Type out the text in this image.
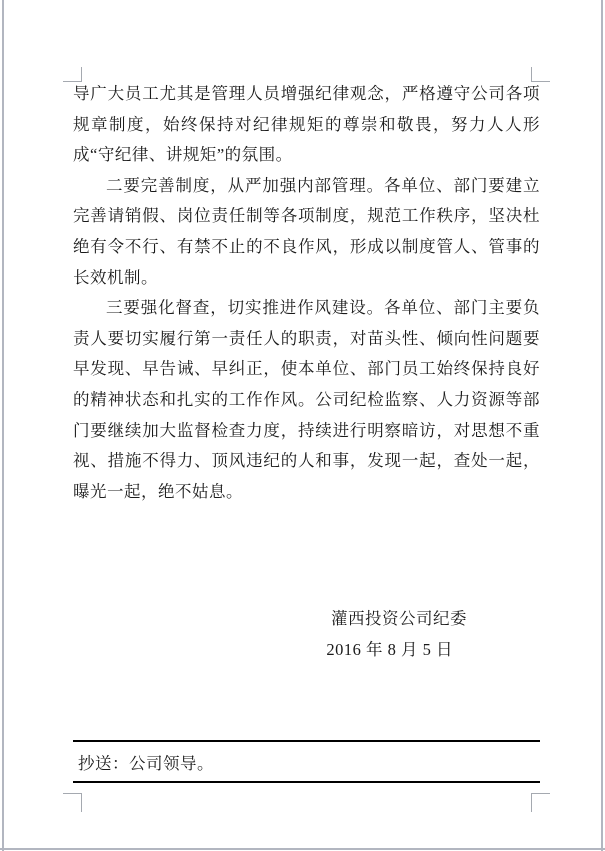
导广大员工尤其是管理人员增强纪律观念，严格遵守公司各项规章制度，始终保持对纪律规矩的尊崇和敬畏，努力人人形成“守纪律、讲规矩”的氛围。

二要完善制度，从严加强内部管理。各单位、部门要建立完善请销假、岗位责任制等各项制度，规范工作秩序，坚决杜绝有令不行、有禁不止的不良作风，形成以制度管人、管事的长效机制。

三要强化督查，切实推进作风建设。各单位、部门主要负责人要切实履行第一责任人的职责，对苗头性、倾向性问题要早发现、早告诫、早纠正，使本单位、部门员工始终保持良好的精神状态和扎实的工作作风。公司纪检监察、人力资源等部门要继续加大监督检查力度，持续进行明察暗访，对思想不重视、措施不得力、顶风违纪的人和事，发现一起，查处一起，曝光一起，绝不姑息。

灌西投资公司纪委
2016 年 8 月 5 日
抄送：公司领导。
